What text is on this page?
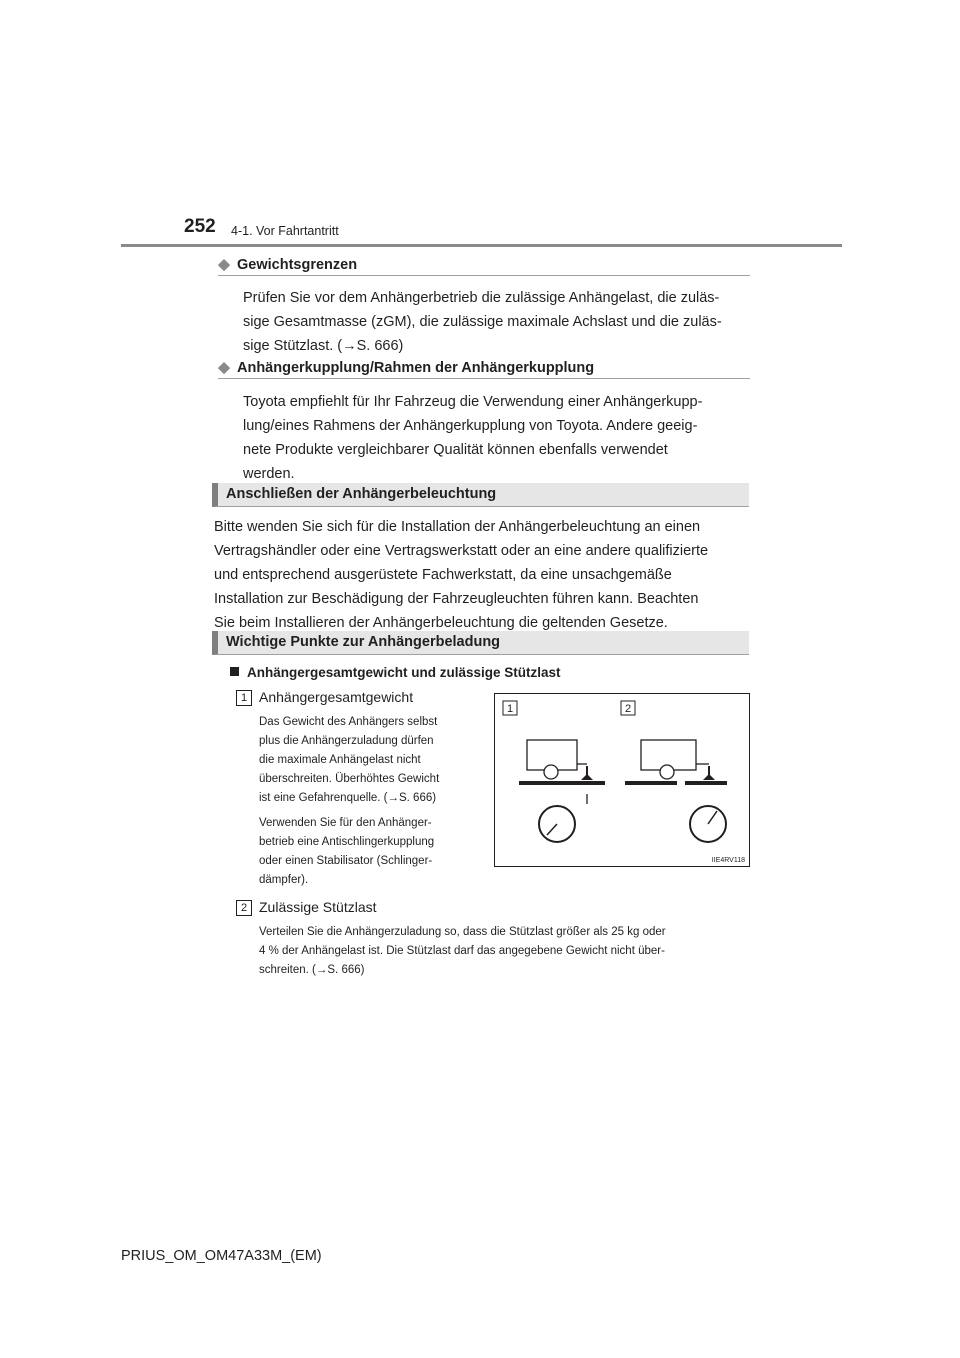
252 4-1. Vor Fahrtantritt
◆ Gewichtsgrenzen
Prüfen Sie vor dem Anhängerbetrieb die zulässige Anhängelast, die zuläs-
sige Gesamtmasse (zGM), die zulässige maximale Achslast und die zuläs-
sige Stützlast. (→S. 666)
◆ Anhängerkupplung/Rahmen der Anhängerkupplung
Toyota empfiehlt für Ihr Fahrzeug die Verwendung einer Anhängerkupp-
lung/eines Rahmens der Anhängerkupplung von Toyota. Andere geeig-
nete Produkte vergleichbarer Qualität können ebenfalls verwendet
werden.
Anschließen der Anhängerbeleuchtung
Bitte wenden Sie sich für die Installation der Anhängerbeleuchtung an einen
Vertragshändler oder eine Vertragswerkstatt oder an eine andere qualifizierte
und entsprechend ausgerüstete Fachwerkstatt, da eine unsachgemäße
Installation zur Beschädigung der Fahrzeugleuchten führen kann. Beachten
Sie beim Installieren der Anhängerbeleuchtung die geltenden Gesetze.
Wichtige Punkte zur Anhängerbeladung
Anhängergesamtgewicht und zulässige Stützlast
1 Anhängergesamtgewicht
Das Gewicht des Anhängers selbst
plus die Anhängerzuladung dürfen
die maximale Anhängelast nicht
überschreiten. Überhöhtes Gewicht
ist eine Gefahrenquelle. (→S. 666)
Verwenden Sie für den Anhänger-
betrieb eine Antischlingerkupplung
oder einen Stabilisator (Schlinger-
dämpfer).
1	2
IIE4RV118
2 Zulässige Stützlast
Verteilen Sie die Anhängerzuladung so, dass die Stützlast größer als 25 kg oder
4 % der Anhängelast ist. Die Stützlast darf das angegebene Gewicht nicht über-
schreiten. (→S. 666)
PRIUS_OM_OM47A33M_(EM)
